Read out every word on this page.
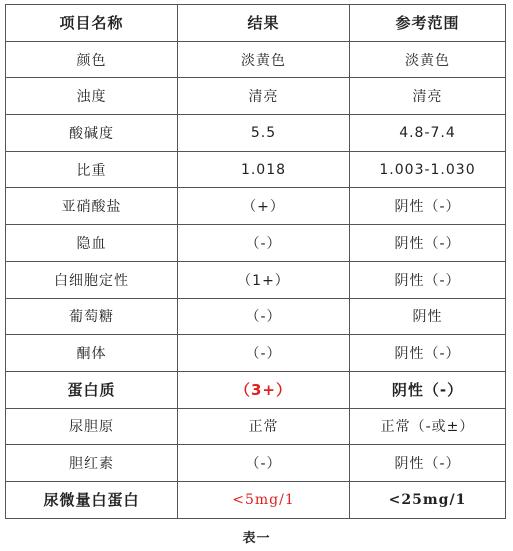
项目名称	结果	参考范围
颜色	淡黄色	淡黄色
浊度	清亮	清亮
酸碱度	5.5	4.8-7.4
比重	1.018	1.003-1.030
亚硝酸盐	（+）	阴性（-）
隐血	（-）	阴性（-）
白细胞定性	（1+）	阴性（-）
葡萄糖	（-）	阴性
酮体	（-）	阴性（-）
蛋白质	（3+）	阴性（-）
尿胆原	正常	正常（-或±）
胆红素	（-）	阴性（-）
尿微量白蛋白	<5mg/1	<25mg/1
表一
